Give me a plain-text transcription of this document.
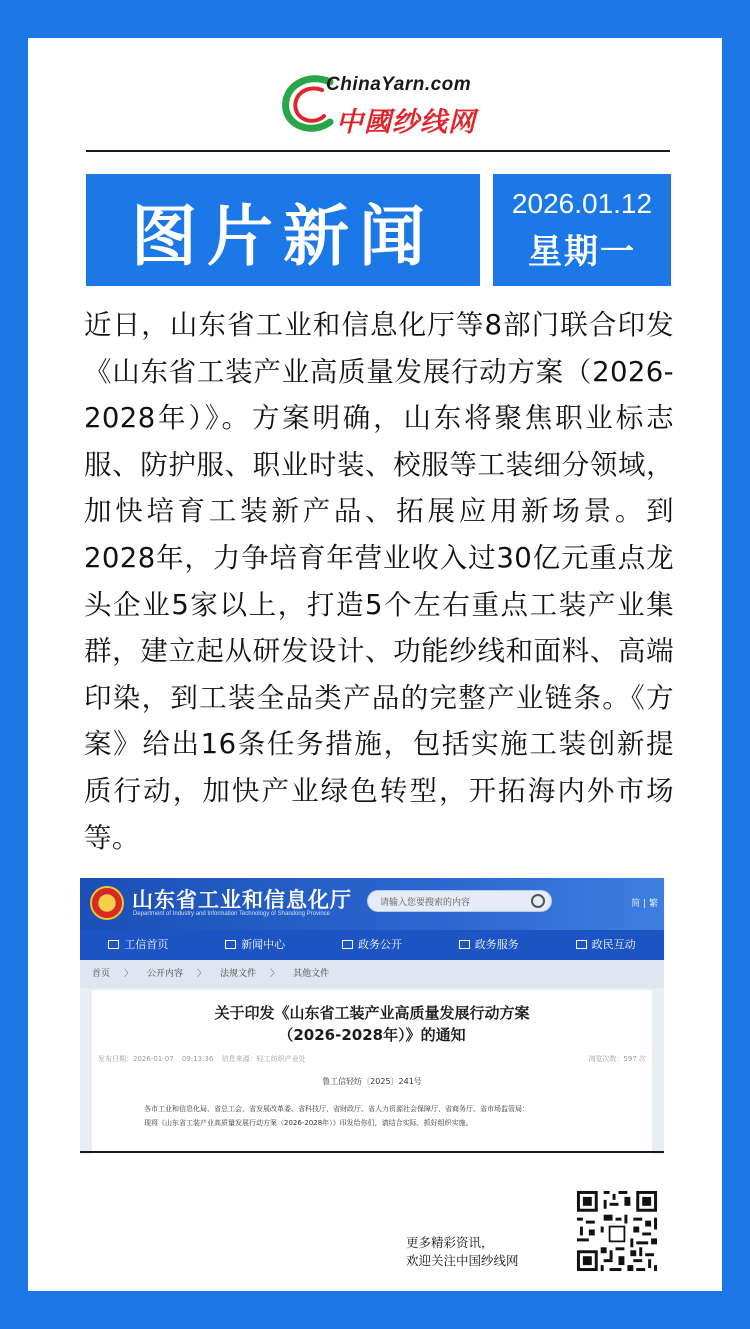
ChinaYarn.com
中國纱线网
图片新闻	2026.01.12
星期一
近日，山东省工业和信息化厅等8部门联合印发《山东省工装产业高质量发展行动方案（2026-2028年）》。方案明确，山东将聚焦职业标志服、防护服、职业时装、校服等工装细分领域，加快培育工装新产品、拓展应用新场景。到2028年，力争培育年营业收入过30亿元重点龙头企业5家以上，打造5个左右重点工装产业集群，建立起从研发设计、功能纱线和面料、高端印染，到工装全品类产品的完整产业链条。《方案》给出16条任务措施，包括实施工装创新提质行动，加快产业绿色转型，开拓海内外市场等。
山东省工业和信息化厅
Department of Industry and Information Technology of Shandong Province
请输入您要搜索的内容	简 | 繁
工信首页	新闻中心	政务公开	政务服务	政民互动
首页 〉 公开内容 〉 法规文件 〉 其他文件
关于印发《山东省工装产业高质量发展行动方案
（2026-2028年）》的通知
发布日期：2026-01-07 09:13:36 信息来源：轻工纺织产业处	浏览次数：597 次
鲁工信轻纺〔2025〕241号
各市工业和信息化局、省总工会、省发展改革委、省科技厅、省财政厅、省人力资源社会保障厅、省商务厅、省市场监管局：
现将《山东省工装产业高质量发展行动方案（2026-2028年）》印发给你们，请结合实际，抓好组织实施。
更多精彩资讯，
欢迎关注中国纱线网
